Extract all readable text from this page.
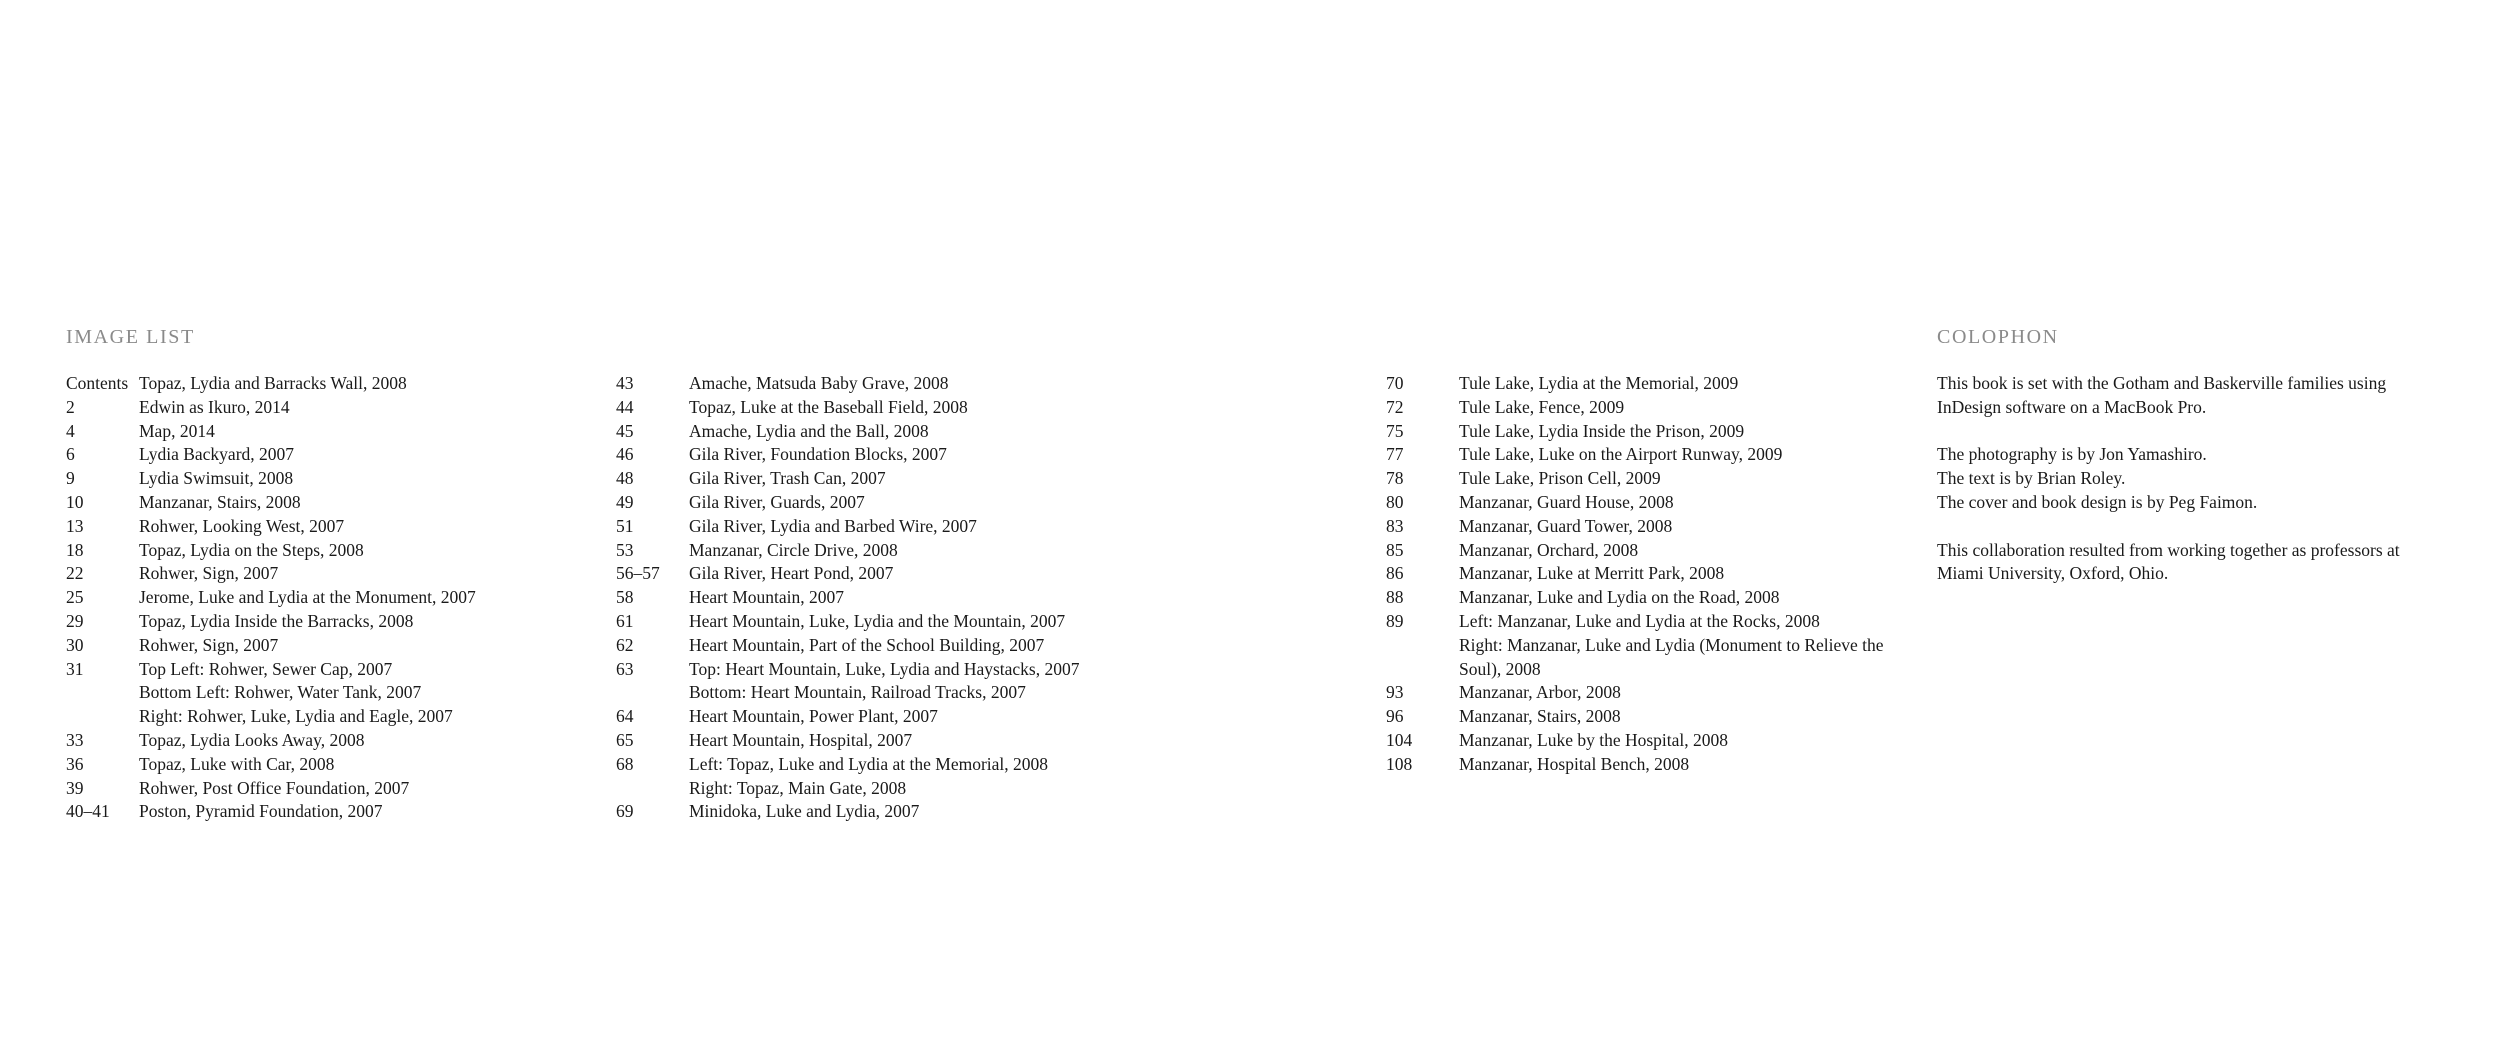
IMAGE LIST
Contents Topaz, Lydia and Barracks Wall, 2008
2	Edwin as Ikuro, 2014
4	Map, 2014
6	Lydia Backyard, 2007
9	Lydia Swimsuit, 2008
10	Manzanar, Stairs, 2008
13	Rohwer, Looking West, 2007
18	Topaz, Lydia on the Steps, 2008
22	Rohwer, Sign, 2007
25	Jerome, Luke and Lydia at the Monument, 2007
29	Topaz, Lydia Inside the Barracks, 2008
30	Rohwer, Sign, 2007
31	Top Left: Rohwer, Sewer Cap, 2007
Bottom Left: Rohwer, Water Tank, 2007
Right: Rohwer, Luke, Lydia and Eagle, 2007
33	Topaz, Lydia Looks Away, 2008
36	Topaz, Luke with Car, 2008
39	Rohwer, Post Office Foundation, 2007
40–41	Poston, Pyramid Foundation, 2007
43	Amache, Matsuda Baby Grave, 2008
44	Topaz, Luke at the Baseball Field, 2008
45	Amache, Lydia and the Ball, 2008
46	Gila River, Foundation Blocks, 2007
48	Gila River, Trash Can, 2007
49	Gila River, Guards, 2007
51	Gila River, Lydia and Barbed Wire, 2007
53	Manzanar, Circle Drive, 2008
56–57	Gila River, Heart Pond, 2007
58	Heart Mountain, 2007
61	Heart Mountain, Luke, Lydia and the Mountain, 2007
62	Heart Mountain, Part of the School Building, 2007
63	Top: Heart Mountain, Luke, Lydia and Haystacks, 2007
Bottom: Heart Mountain, Railroad Tracks, 2007
64	Heart Mountain, Power Plant, 2007
65	Heart Mountain, Hospital, 2007
68	Left: Topaz, Luke and Lydia at the Memorial, 2008
Right: Topaz, Main Gate, 2008
69	Minidoka, Luke and Lydia, 2007
70	Tule Lake, Lydia at the Memorial, 2009
72	Tule Lake, Fence, 2009
75	Tule Lake, Lydia Inside the Prison, 2009
77	Tule Lake, Luke on the Airport Runway, 2009
78	Tule Lake, Prison Cell, 2009
80	Manzanar, Guard House, 2008
83	Manzanar, Guard Tower, 2008
85	Manzanar, Orchard, 2008
86	Manzanar, Luke at Merritt Park, 2008
88	Manzanar, Luke and Lydia on the Road, 2008
89	Left: Manzanar, Luke and Lydia at the Rocks, 2008
Right: Manzanar, Luke and Lydia (Monument to Relieve the Soul), 2008
93	Manzanar, Arbor, 2008
96	Manzanar, Stairs, 2008
104	Manzanar, Luke by the Hospital, 2008
108	Manzanar, Hospital Bench, 2008
COLOPHON

This book is set with the Gotham and Baskerville families using
InDesign software on a MacBook Pro.

The photography is by Jon Yamashiro.
The text is by Brian Roley.
The cover and book design is by Peg Faimon.

This collaboration resulted from working together as professors at
Miami University, Oxford, Ohio.
